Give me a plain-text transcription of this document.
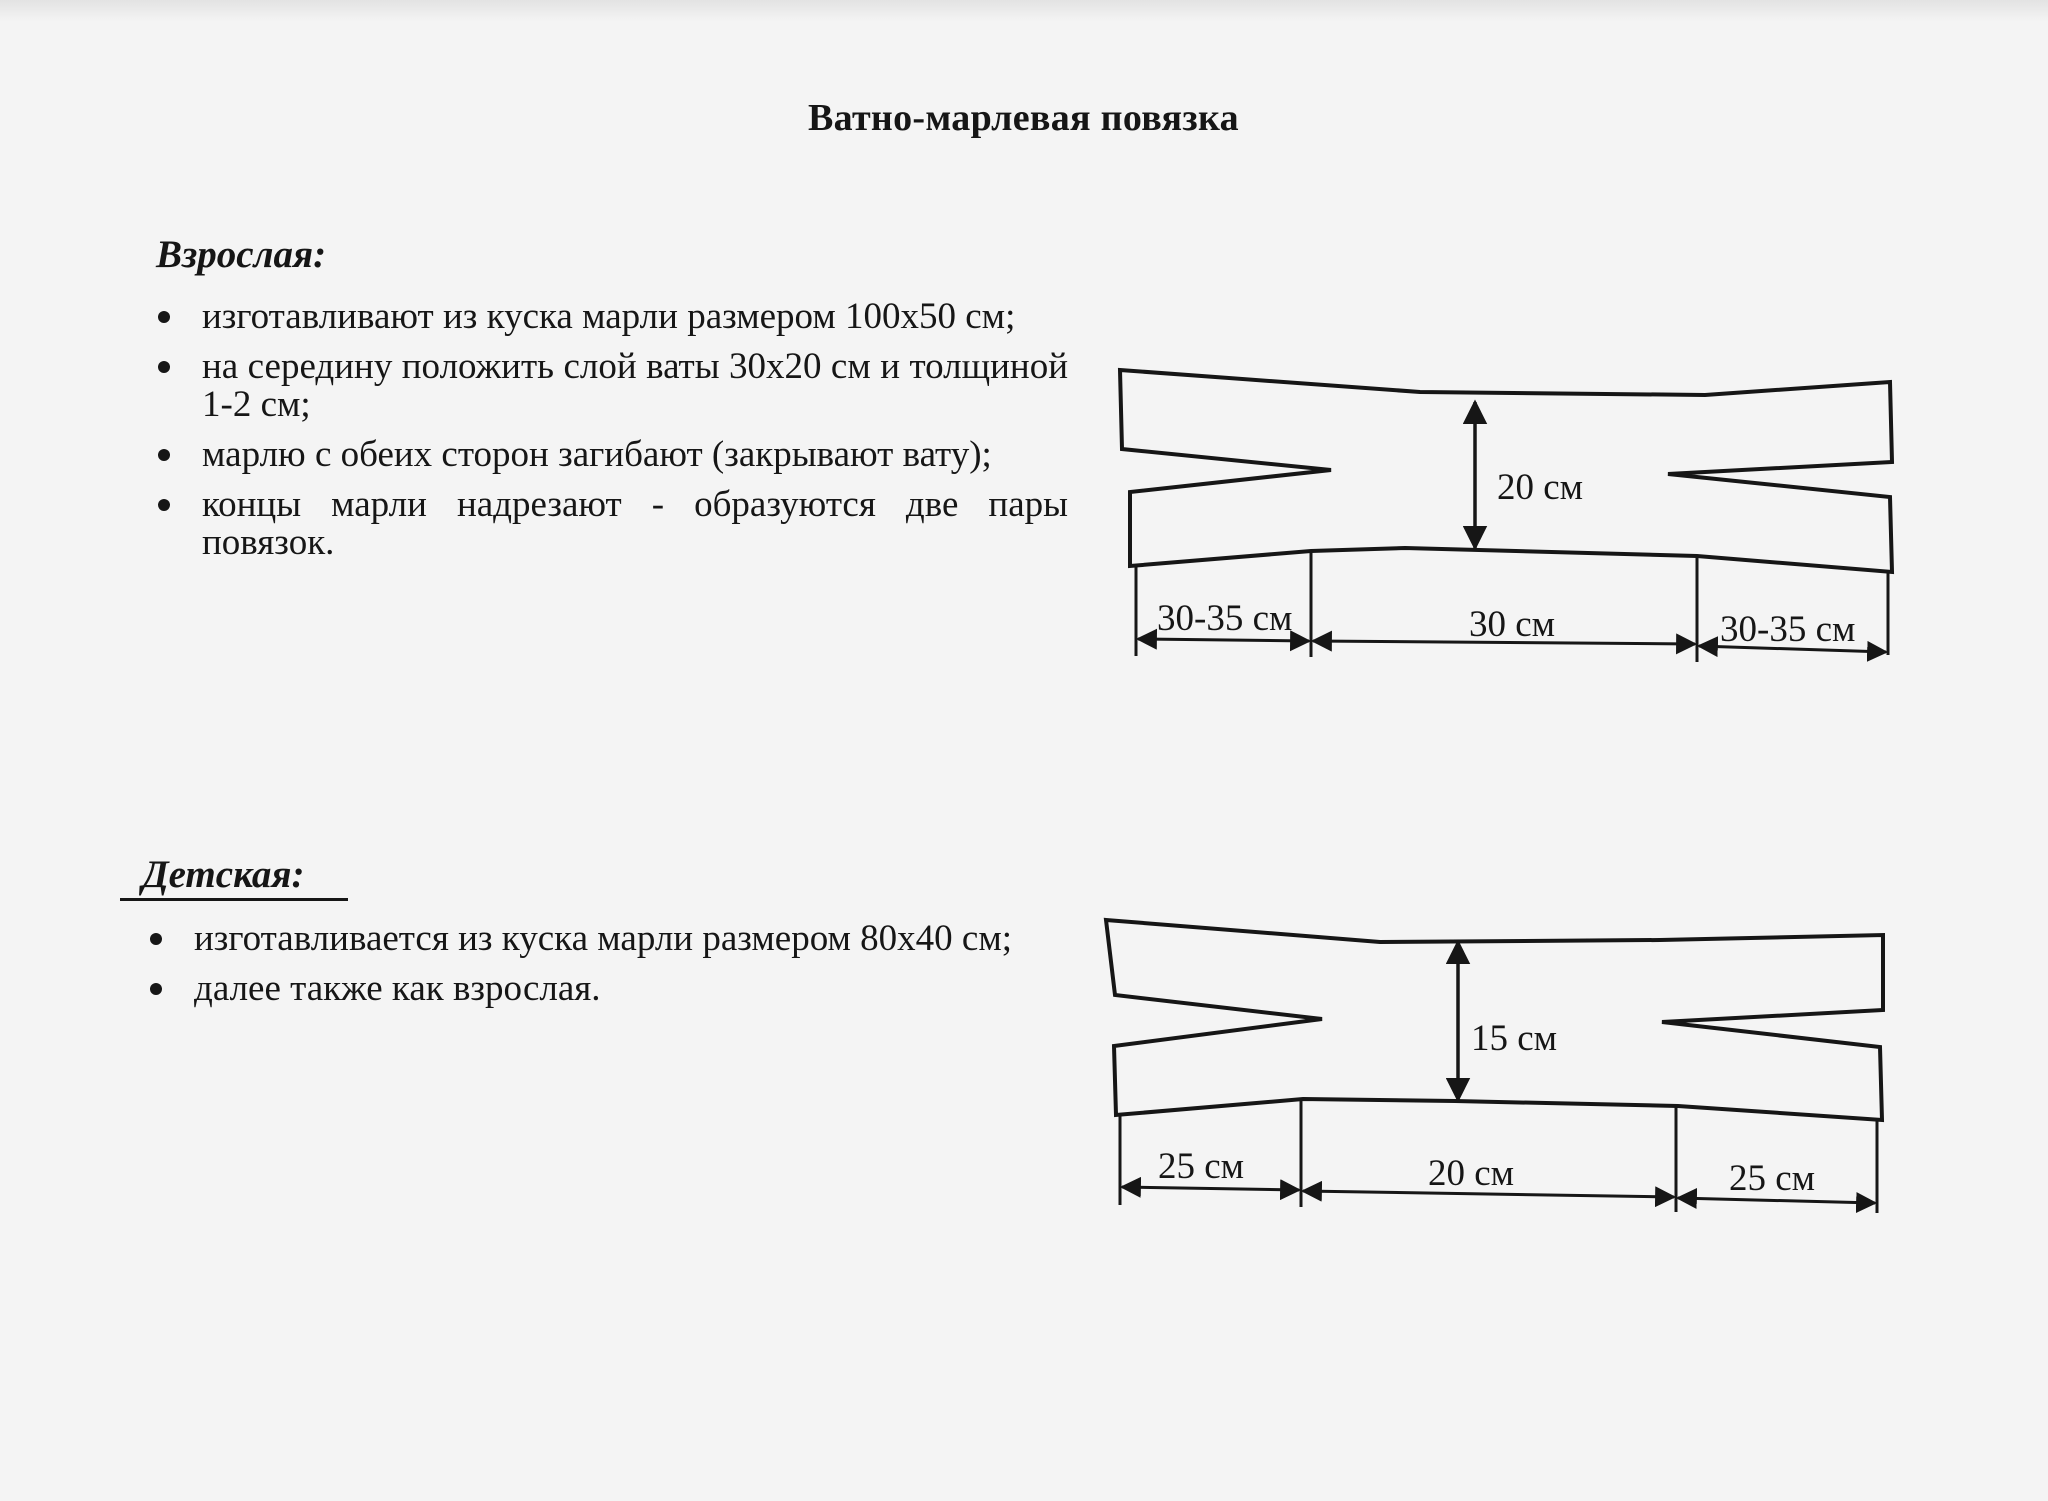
Ватно-марлевая повязка
Взрослая:
изготавливают из куска марли размером 100х50 см;
на середину положить слой ваты 30х20 см и толщиной 1-2 см;
марлю с обеих сторон загибают (закрывают вату);
концы марли надрезают - образуются две пары повязок.
Детская:
изготавливается из куска марли размером 80х40 см;
далее также как взрослая.
20 см
30-35 см	30 см	30-35 см
15 см
25 см	20 см	25 см
